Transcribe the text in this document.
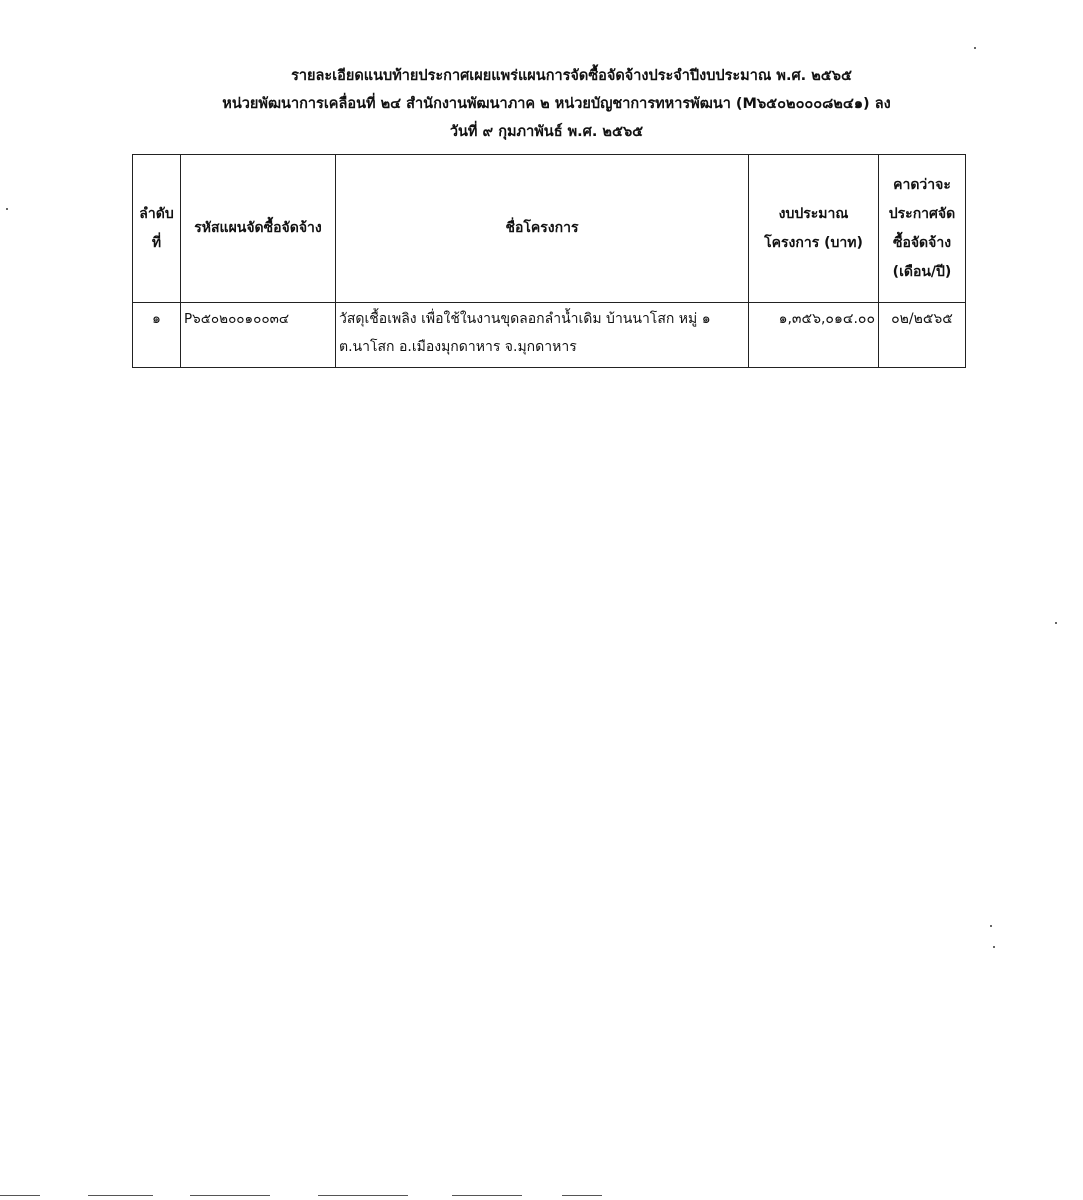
รายละเอียดแนบท้ายประกาศเผยแพร่แผนการจัดซื้อจัดจ้างประจำปีงบประมาณ พ.ศ. ๒๕๖๕
หน่วยพัฒนาการเคลื่อนที่ ๒๔ สำนักงานพัฒนาภาค ๒ หน่วยบัญชาการทหารพัฒนา (M๖๕๐๒๐๐๐๘๒๔๑) ลง
วันที่ ๙ กุมภาพันธ์ พ.ศ. ๒๕๖๕
ลำดับที่	รหัสแผนจัดซื้อจัดจ้าง	ชื่อโครงการ	งบประมาณโครงการ (บาท)	คาดว่าจะประกาศจัดซื้อจัดจ้าง (เดือน/ปี)
๑	P๖๕๐๒๐๐๑๐๐๓๔	วัสดุเชื้อเพลิง เพื่อใช้ในงานขุดลอกลำน้ำเดิม บ้านนาโสก หมู่ ๑ ต.นาโสก อ.เมืองมุกดาหาร จ.มุกดาหาร	๑,๓๕๖,๐๑๔.๐๐	๐๒/๒๕๖๕
